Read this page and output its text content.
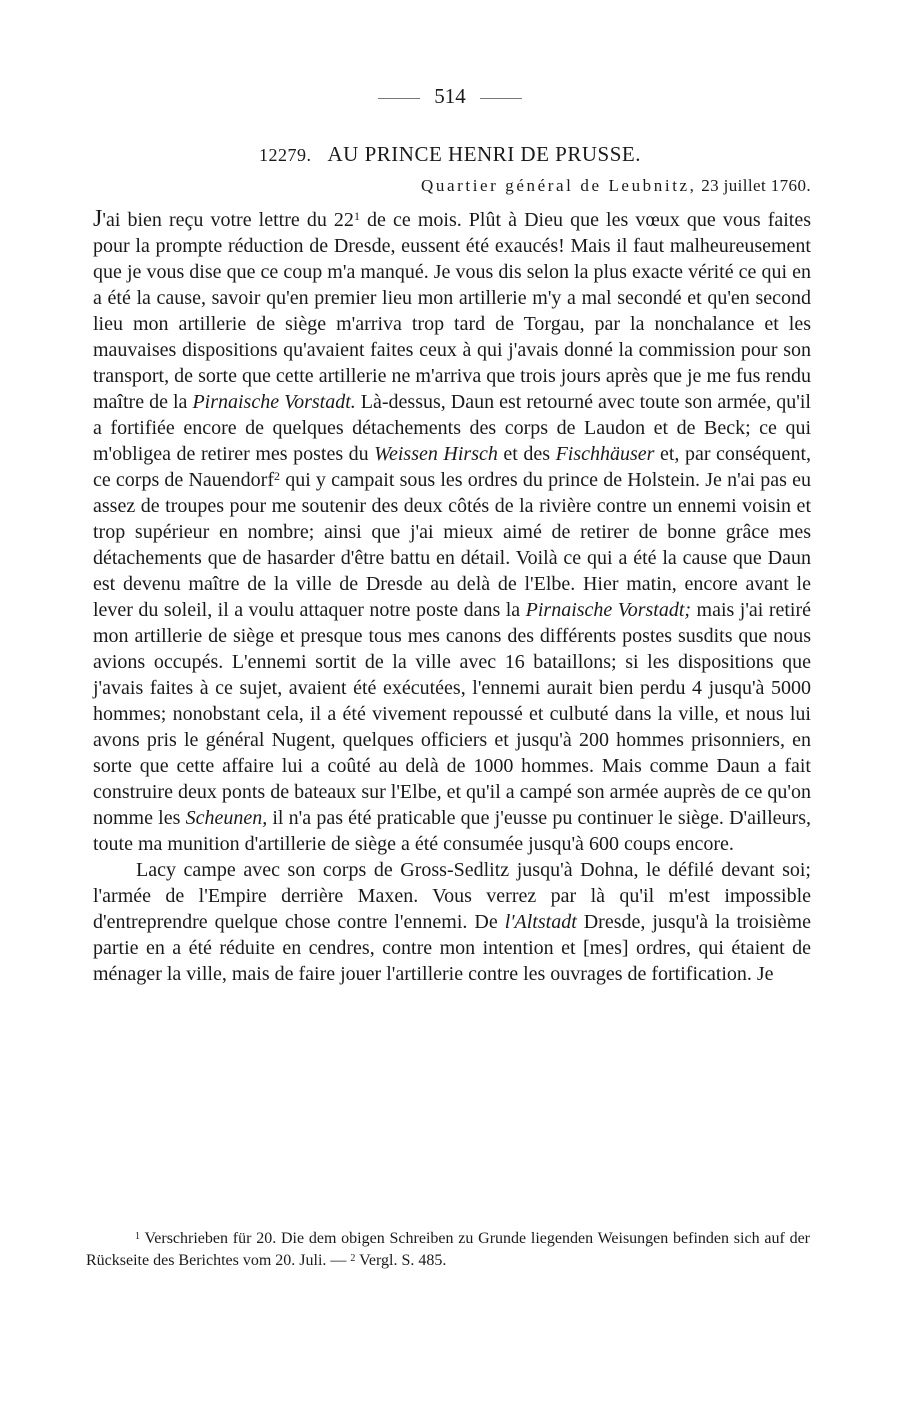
514
12279. AU PRINCE HENRI DE PRUSSE.
Quartier général de Leubnitz, 23 juillet 1760.

J'ai bien reçu votre lettre du $22^1$ de ce mois. Plût à Dieu que les vœux que vous faites pour la prompte réduction de Dresde, eussent été exaucés! Mais il faut malheureusement que je vous dise que ce coup m'a manqué. Je vous dis selon la plus exacte vérité ce qui en a été la cause, savoir qu'en premier lieu mon artillerie m'y a mal secondé et qu'en second lieu mon artillerie de siège m'arriva trop tard de Torgau, par la nonchalance et les mauvaises dispositions qu'avaient faites ceux à qui j'avais donné la commission pour son transport, de sorte que cette artillerie ne m'arriva que trois jours après que je me fus rendu maître de la Pirnaische Vorstadt. Là-dessus, Daun est retourné avec toute son armée, qu'il a fortifiée encore de quelques détachements des corps de Laudon et de Beck; ce qui m'obligea de retirer mes postes du Weissen Hirsch et des Fischhäuser et, par conséquent, ce corps de Nauendorf$^2$ qui y campait sous les ordres du prince de Holstein. Je n'ai pas eu assez de troupes pour me soutenir des deux côtés de la rivière contre un ennemi voisin et trop supérieur en nombre; ainsi que j'ai mieux aimé de retirer de bonne grâce mes détachements que de hasarder d'être battu en détail. Voilà ce qui a été la cause que Daun est devenu maître de la ville de Dresde au delà de l'Elbe. Hier matin, encore avant le lever du soleil, il a voulu attaquer notre poste dans la Pirnaische Vorstadt; mais j'ai retiré mon artillerie de siège et presque tous mes canons des différents postes susdits que nous avions occupés. L'ennemi sortit de la ville avec 16 bataillons; si les dispositions que j'avais faites à ce sujet, avaient été exécutées, l'ennemi aurait bien perdu 4 jusqu'à 5000 hommes; nonobstant cela, il a été vivement repoussé et culbuté dans la ville, et nous lui avons pris le général Nugent, quelques officiers et jusqu'à 200 hommes prisonniers, en sorte que cette affaire lui a coûté au delà de 1000 hommes. Mais comme Daun a fait construire deux ponts de bateaux sur l'Elbe, et qu'il a campé son armée auprès de ce qu'on nomme les Scheunen, il n'a pas été praticable que j'eusse pu continuer le siège. D'ailleurs, toute ma munition d'artillerie de siège a été consumée jusqu'à 600 coups encore.

Lacy campe avec son corps de Gross-Sedlitz jusqu'à Dohna, le défilé devant soi; l'armée de l'Empire derrière Maxen. Vous verrez par là qu'il m'est impossible d'entreprendre quelque chose contre l'ennemi. De l'Altstadt Dresde, jusqu'à la troisième partie en a été réduite en cendres, contre mon intention et [mes] ordres, qui étaient de ménager la ville, mais de faire jouer l'artillerie contre les ouvrages de fortification. Je

$^1$ Verschrieben für 20. Die dem obigen Schreiben zu Grunde liegenden Weisungen befinden sich auf der Rückseite des Berichtes vom 20. Juli. — $^2$ Vergl. S. 485.
